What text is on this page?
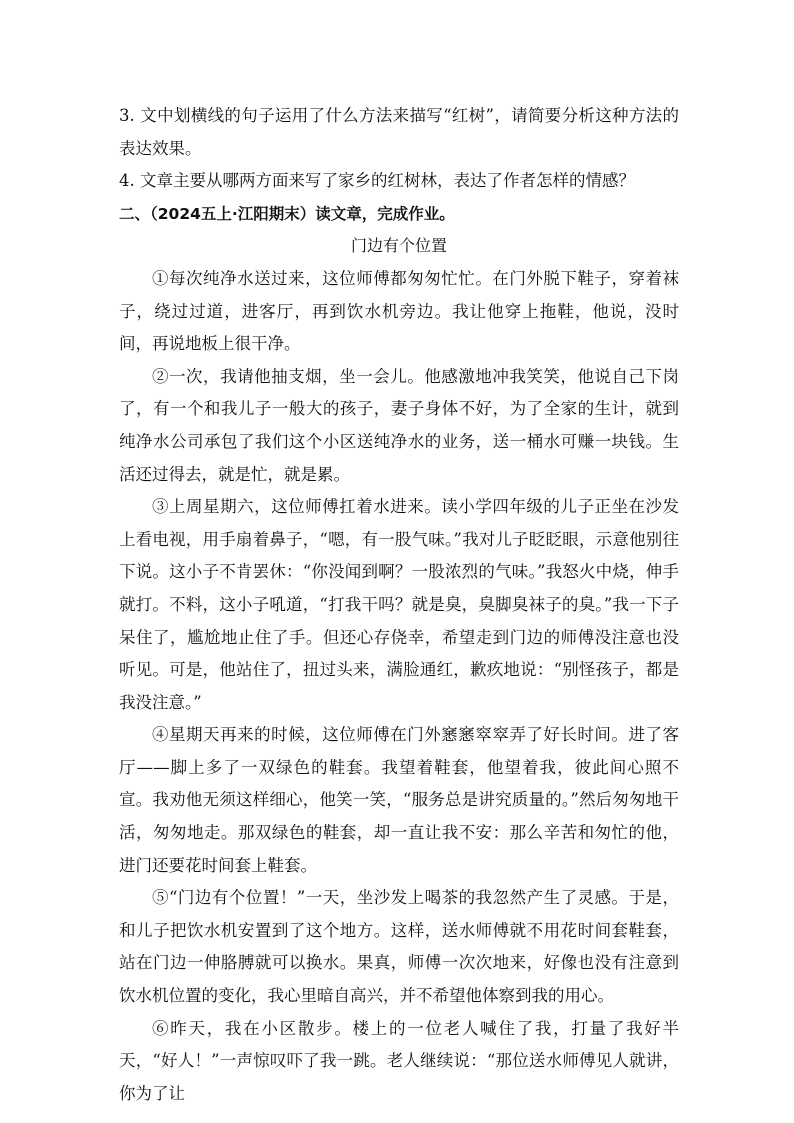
3. 文中划横线的句子运用了什么方法来描写“红树”，请简要分析这种方法的表达效果。

4. 文章主要从哪两方面来写了家乡的红树林，表达了作者怎样的情感？

二、（2024五上·江阳期末）读文章，完成作业。

门边有个位置

①每次纯净水送过来，这位师傅都匆匆忙忙。在门外脱下鞋子，穿着袜子，绕过过道，进客厅，再到饮水机旁边。我让他穿上拖鞋，他说，没时间，再说地板上很干净。

②一次，我请他抽支烟，坐一会儿。他感激地冲我笑笑，他说自己下岗了，有一个和我儿子一般大的孩子，妻子身体不好，为了全家的生计，就到纯净水公司承包了我们这个小区送纯净水的业务，送一桶水可赚一块钱。生活还过得去，就是忙，就是累。

③上周星期六，这位师傅扛着水进来。读小学四年级的儿子正坐在沙发上看电视，用手扇着鼻子，“嗯，有一股气味。”我对儿子眨眨眼，示意他别往下说。这小子不肯罢休：“你没闻到啊？一股浓烈的气味。”我怒火中烧，伸手就打。不料，这小子吼道，“打我干吗？就是臭，臭脚臭袜子的臭。”我一下子呆住了，尴尬地止住了手。但还心存侥幸，希望走到门边的师傅没注意也没听见。可是，他站住了，扭过头来，满脸通红，歉疚地说：“别怪孩子，都是我没注意。”

④星期天再来的时候，这位师傅在门外窸窸窣窣弄了好长时间。进了客厅——脚上多了一双绿色的鞋套。我望着鞋套，他望着我，彼此间心照不宣。我劝他无须这样细心，他笑一笑，“服务总是讲究质量的。”然后匆匆地干活，匆匆地走。那双绿色的鞋套，却一直让我不安：那么辛苦和匆忙的他，进门还要花时间套上鞋套。

⑤“门边有个位置！”一天，坐沙发上喝茶的我忽然产生了灵感。于是，和儿子把饮水机安置到了这个地方。这样，送水师傅就不用花时间套鞋套，站在门边一伸胳膊就可以换水。果真，师傅一次次地来，好像也没有注意到饮水机位置的变化，我心里暗自高兴，并不希望他体察到我的用心。

⑥昨天，我在小区散步。楼上的一位老人喊住了我，打量了我好半天，“好人！”一声惊叹吓了我一跳。老人继续说：“那位送水师傅见人就讲，你为了让
